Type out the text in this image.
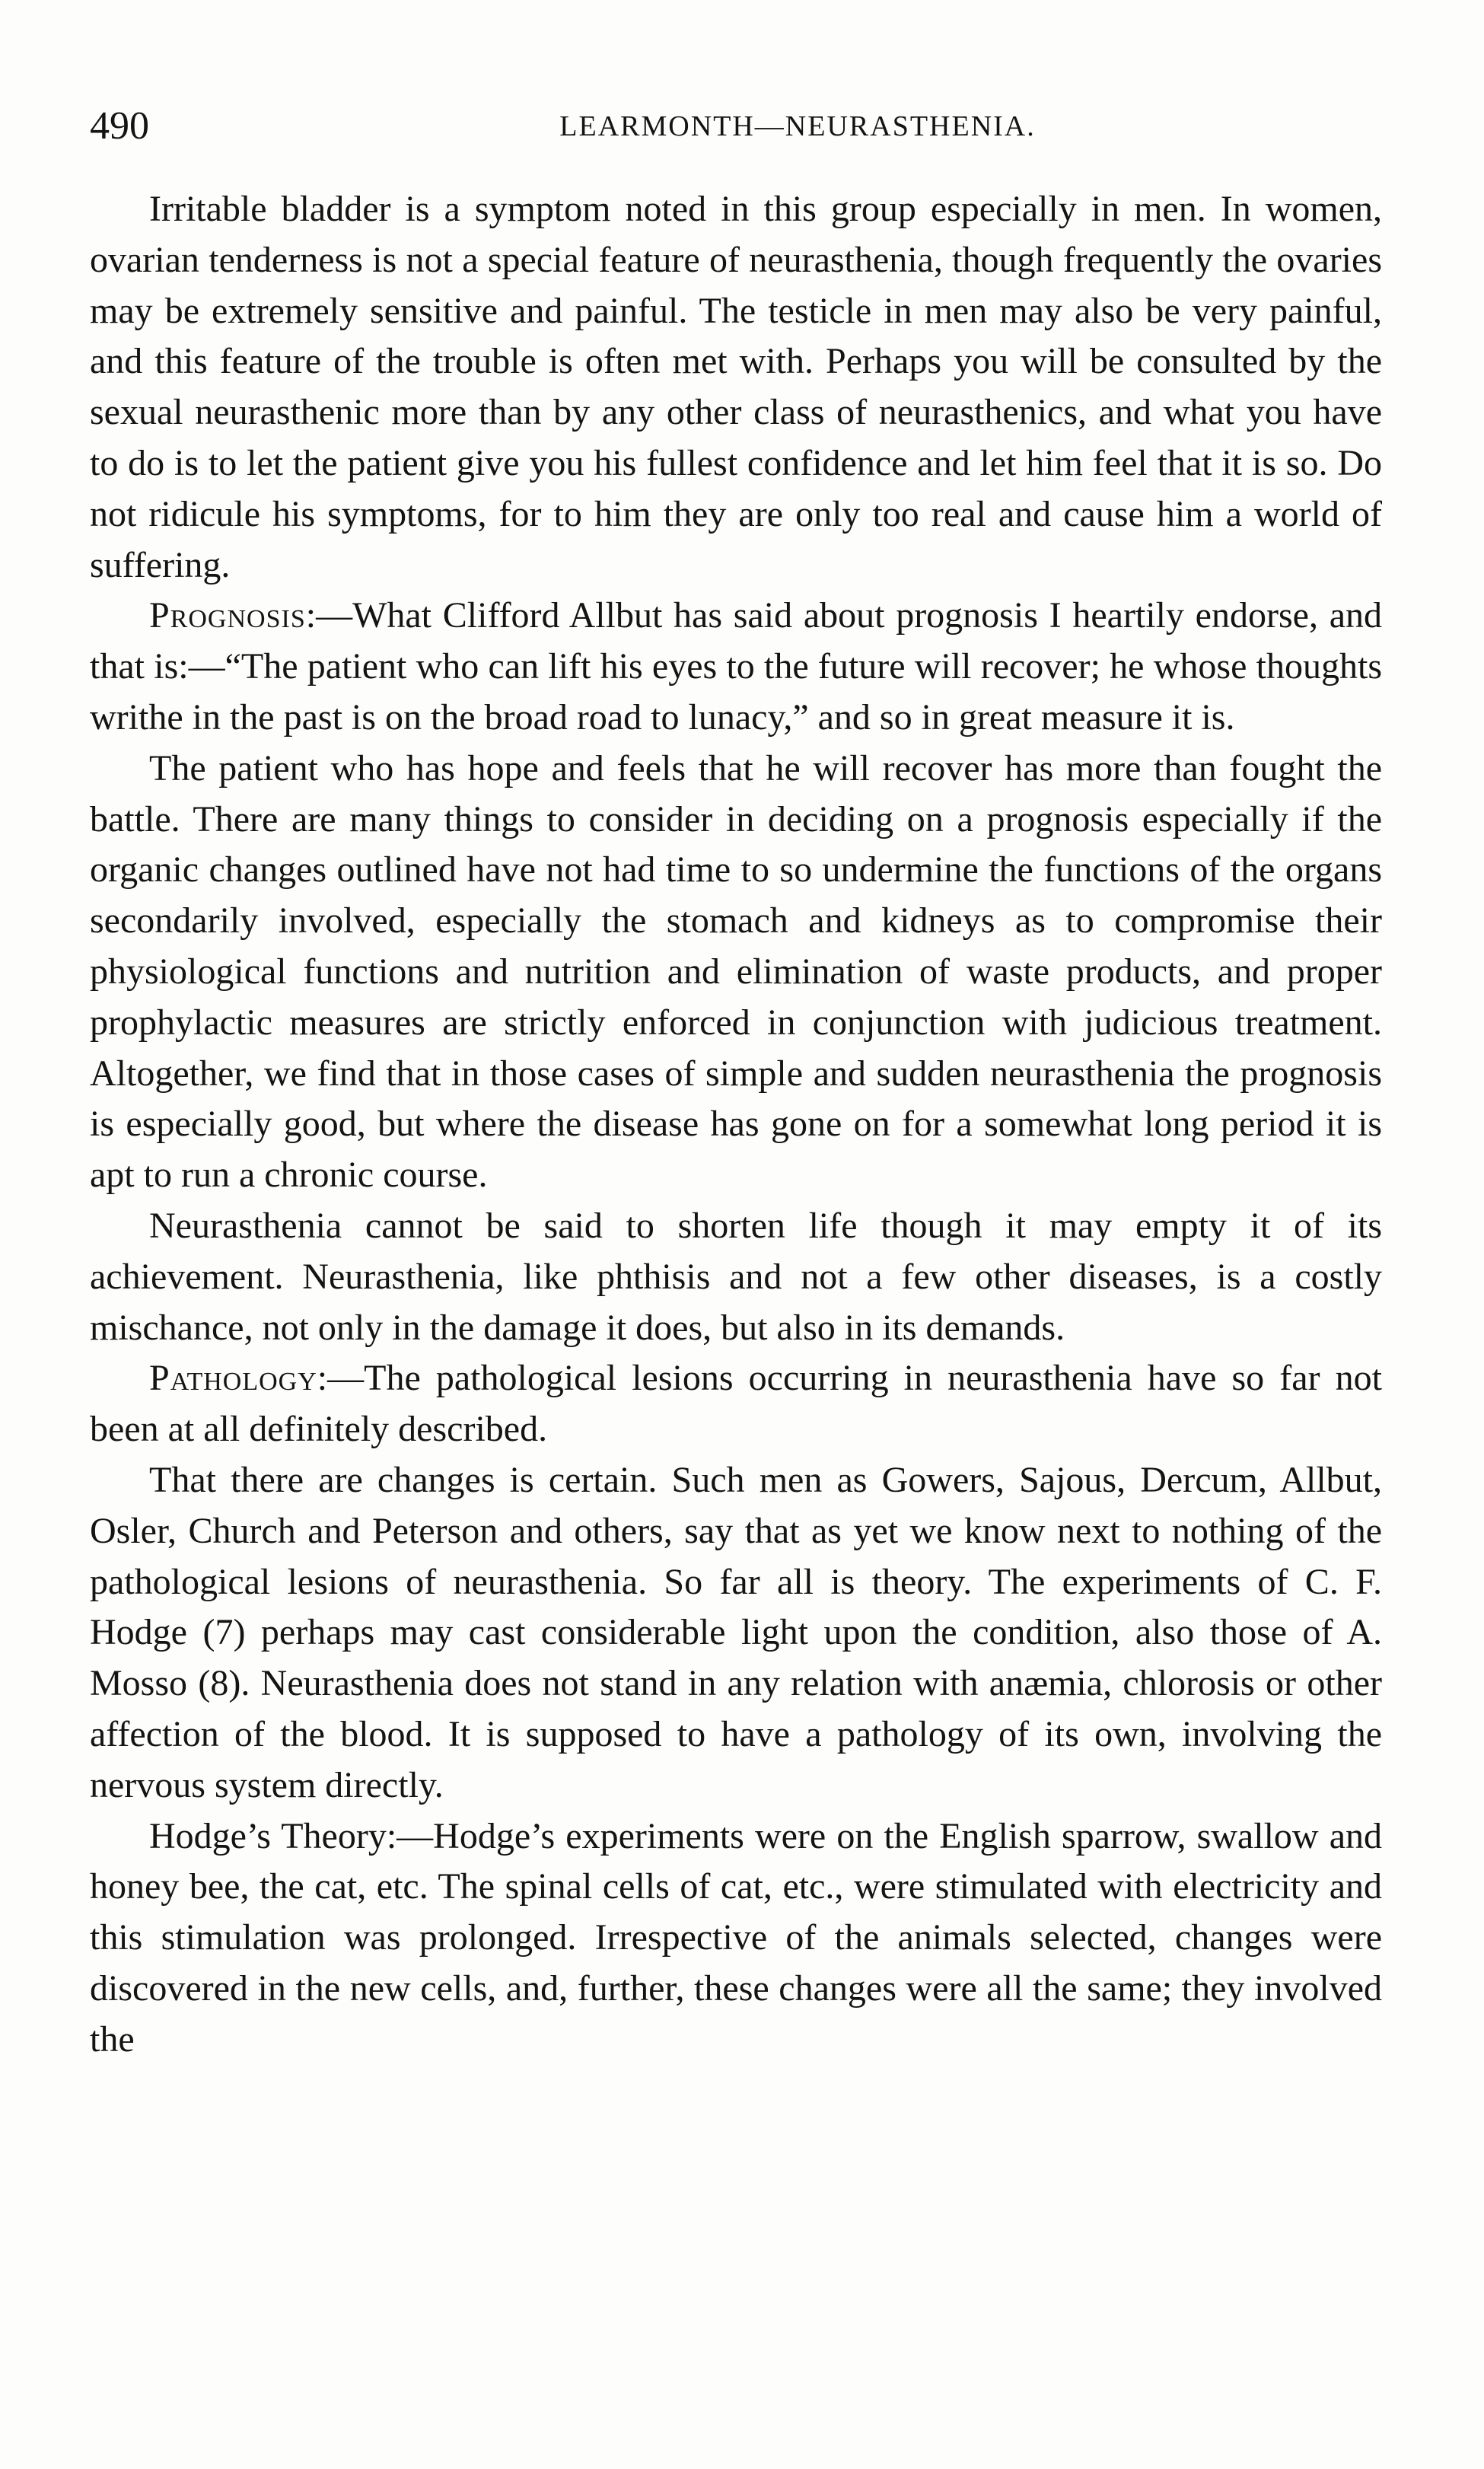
490	LEARMONTH—NEURASTHENIA.

Irritable bladder is a symptom noted in this group especially in men. In women, ovarian tenderness is not a special feature of neurasthenia, though frequently the ovaries may be extremely sensitive and painful. The testicle in men may also be very painful, and this feature of the trouble is often met with. Perhaps you will be consulted by the sexual neurasthenic more than by any other class of neurasthenics, and what you have to do is to let the patient give you his fullest confidence and let him feel that it is so. Do not ridicule his symptoms, for to him they are only too real and cause him a world of suffering.

Prognosis:—What Clifford Allbut has said about prognosis I heartily endorse, and that is:—“The patient who can lift his eyes to the future will recover; he whose thoughts writhe in the past is on the broad road to lunacy,” and so in great measure it is.

The patient who has hope and feels that he will recover has more than fought the battle. There are many things to consider in deciding on a prognosis especially if the organic changes outlined have not had time to so undermine the functions of the organs secondarily involved, especially the stomach and kidneys as to compromise their physiological functions and nutrition and elimination of waste products, and proper prophylactic measures are strictly enforced in conjunction with judicious treatment. Altogether, we find that in those cases of simple and sudden neurasthenia the prognosis is especially good, but where the disease has gone on for a somewhat long period it is apt to run a chronic course.

Neurasthenia cannot be said to shorten life though it may empty it of its achievement. Neurasthenia, like phthisis and not a few other diseases, is a costly mischance, not only in the damage it does, but also in its demands.

Pathology:—The pathological lesions occurring in neurasthenia have so far not been at all definitely described.

That there are changes is certain. Such men as Gowers, Sajous, Dercum, Allbut, Osler, Church and Peterson and others, say that as yet we know next to nothing of the pathological lesions of neurasthenia. So far all is theory. The experiments of C. F. Hodge (7) perhaps may cast considerable light upon the condition, also those of A. Mosso (8). Neurasthenia does not stand in any relation with anæmia, chlorosis or other affection of the blood. It is supposed to have a pathology of its own, involving the nervous system directly.

Hodge’s Theory:—Hodge’s experiments were on the English sparrow, swallow and honey bee, the cat, etc. The spinal cells of cat, etc., were stimulated with electricity and this stimulation was prolonged. Irrespective of the animals selected, changes were discovered in the new cells, and, further, these changes were all the same; they involved the
